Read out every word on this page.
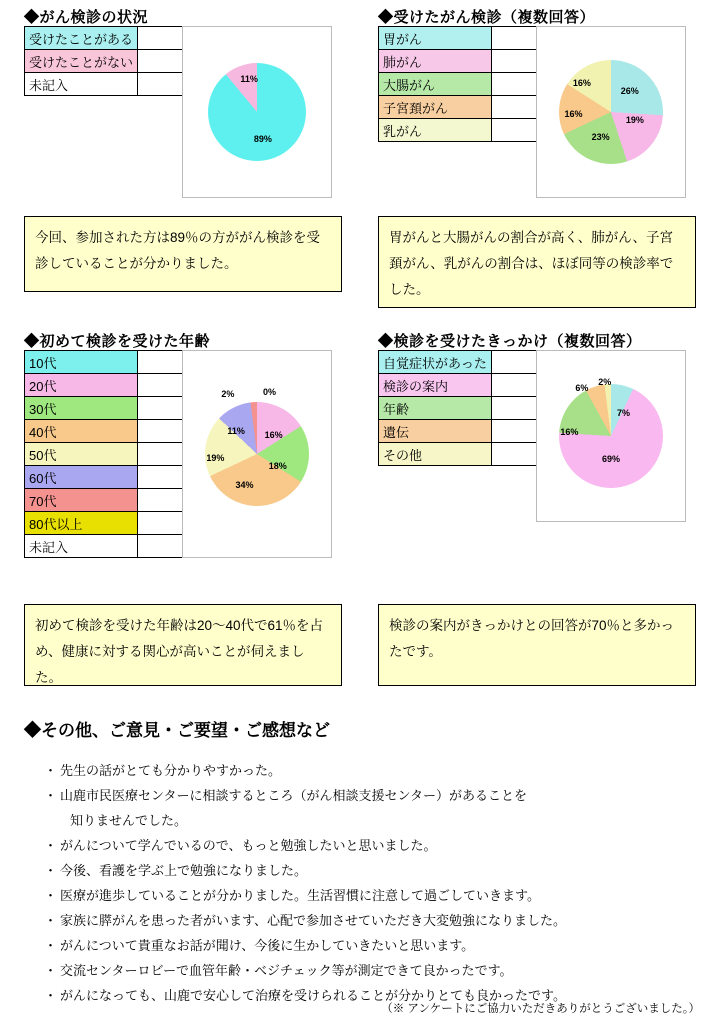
◆がん検診の状況
受けたことがある	
受けたことがない	
未記入	
89%
11%
今回、参加された方は89％の方ががん検診を受診していることが分かりました。
◆受けたがん検診（複数回答）
胃がん	
肺がん	
大腸がん	
子宮頚がん	
乳がん	
26%
19%
23%
16%
16%
胃がんと大腸がんの割合が高く、肺がん、子宮頚がん、乳がんの割合は、ほぼ同等の検診率でした。
◆初めて検診を受けた年齢
10代	
20代	
30代	
40代	
50代	
60代	
70代	
80代以上	
未記入	
16%
18%
34%
19%
11%
2%	0%
初めて検診を受けた年齢は20〜40代で61％を占め、健康に対する関心が高いことが伺えました。
◆検診を受けたきっかけ（複数回答）
自覚症状があった	
検診の案内	
年齢	
遺伝	
その他	
7%
69%
16%
6%
2%
検診の案内がきっかけとの回答が70％と多かったです。
◆その他、ご意見・ご要望・ご感想など
・ 先生の話がとても分かりやすかった。
・ 山鹿市民医療センターに相談するところ（がん相談支援センター）があることを
知りませんでした。
・ がんについて学んでいるので、もっと勉強したいと思いました。
・ 今後、看護を学ぶ上で勉強になりました。
・ 医療が進歩していることが分かりました。生活習慣に注意して過ごしていきます。
・ 家族に膵がんを患った者がいます、心配で参加させていただき大変勉強になりました。
・ がんについて貴重なお話が聞け、今後に生かしていきたいと思います。
・ 交流センターロビーで血管年齢・ベジチェック等が測定できて良かったです。
・ がんになっても、山鹿で安心して治療を受けられることが分かりとても良かったです。
（※ アンケートにご協力いただきありがとうございました。）
